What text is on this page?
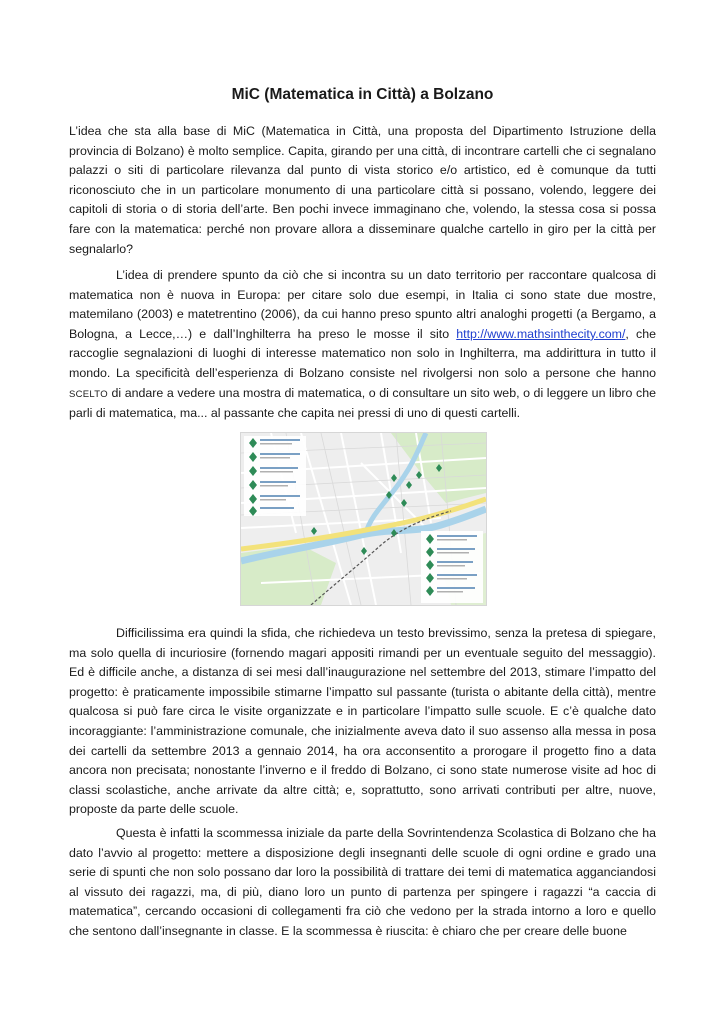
MiC (Matematica in Città) a Bolzano

L’idea che sta alla base di MiC (Matematica in Città, una proposta del Dipartimento Istruzione della provincia di Bolzano) è molto semplice. Capita, girando per una città, di incontrare cartelli che ci segnalano palazzi o siti di particolare rilevanza dal punto di vista storico e/o artistico, ed è comunque da tutti riconosciuto che in un particolare monumento di una particolare città si possano, volendo, leggere dei capitoli di storia o di storia dell’arte. Ben pochi invece immaginano che, volendo, la stessa cosa si possa fare con la matematica: perché non provare allora a disseminare qualche cartello in giro per la città per segnalarlo?

L’idea di prendere spunto da ciò che si incontra su un dato territorio per raccontare qualcosa di matematica non è nuova in Europa: per citare solo due esempi, in Italia ci sono state due mostre, matemilano (2003) e matetrentino (2006), da cui hanno preso spunto altri analoghi progetti (a Bergamo, a Bologna, a Lecce,…) e dall’Inghilterra ha preso le mosse il sito http://www.mathsinthecity.com/, che raccoglie segnalazioni di luoghi di interesse matematico non solo in Inghilterra, ma addirittura in tutto il mondo. La specificità dell’esperienza di Bolzano consiste nel rivolgersi non solo a persone che hanno SCELTO di andare a vedere una mostra di matematica, o di consultare un sito web, o di leggere un libro che parli di matematica, ma... al passante che capita nei pressi di uno di questi cartelli.

Difficilissima era quindi la sfida, che richiedeva un testo brevissimo, senza la pretesa di spiegare, ma solo quella di incuriosire (fornendo magari appositi rimandi per un eventuale seguito del messaggio). Ed è difficile anche, a distanza di sei mesi dall’inaugurazione nel settembre del 2013, stimare l’impatto del progetto: è praticamente impossibile stimarne l’impatto sul passante (turista o abitante della città), mentre qualcosa si può fare circa le visite organizzate e in particolare l’impatto sulle scuole. E c’è qualche dato incoraggiante: l’amministrazione comunale, che inizialmente aveva dato il suo assenso alla messa in posa dei cartelli da settembre 2013 a gennaio 2014, ha ora acconsentito a prorogare il progetto fino a data ancora non precisata; nonostante l’inverno e il freddo di Bolzano, ci sono state numerose visite ad hoc di classi scolastiche, anche arrivate da altre città; e, soprattutto, sono arrivati contributi per altre, nuove, proposte da parte delle scuole.

Questa è infatti la scommessa iniziale da parte della Sovrintendenza Scolastica di Bolzano che ha dato l’avvio al progetto: mettere a disposizione degli insegnanti delle scuole di ogni ordine e grado una serie di spunti che non solo possano dar loro la possibilità di trattare dei temi di matematica agganciandosi al vissuto dei ragazzi, ma, di più, diano loro un punto di partenza per spingere i ragazzi “a caccia di matematica”, cercando occasioni di collegamenti fra ciò che vedono per la strada intorno a loro e quello che sentono dall’insegnante in classe. E la scommessa è riuscita: è chiaro che per creare delle buone
